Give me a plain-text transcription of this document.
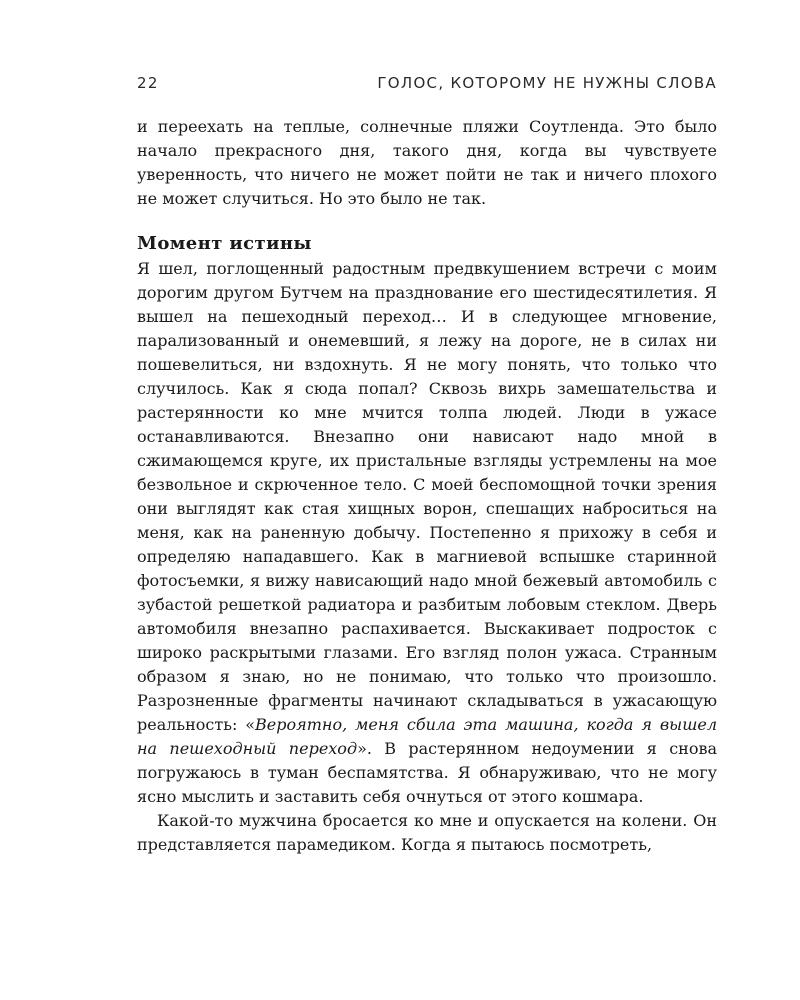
22	ГОЛОС, КОТОРОМУ НЕ НУЖНЫ СЛОВА

и переехать на теплые, солнечные пляжи Соутленда. Это было начало прекрасного дня, такого дня, когда вы чувствуете уверенность, что ничего не может пойти не так и ничего плохого не может случиться. Но это было не так.

Момент истины

Я шел, поглощенный радостным предвкушением встречи с моим дорогим другом Бутчем на празднование его шестидесятилетия. Я вышел на пешеходный переход… И в следующее мгновение, парализованный и онемевший, я лежу на дороге, не в силах ни пошевелиться, ни вздохнуть. Я не могу понять, что только что случилось. Как я сюда попал? Сквозь вихрь замешательства и растерянности ко мне мчится толпа людей. Люди в ужасе останавливаются. Внезапно они нависают надо мной в сжимающемся круге, их пристальные взгляды устремлены на мое безвольное и скрюченное тело. С моей беспомощной точки зрения они выглядят как стая хищных ворон, спешащих наброситься на меня, как на раненную добычу. Постепенно я прихожу в себя и определяю нападавшего. Как в магниевой вспышке старинной фотосъемки, я вижу нависающий надо мной бежевый автомобиль с зубастой решеткой радиатора и разбитым лобовым стеклом. Дверь автомобиля внезапно распахивается. Выскакивает подросток с широко раскрытыми глазами. Его взгляд полон ужаса. Странным образом я знаю, но не понимаю, что только что произошло. Разрозненные фрагменты начинают складываться в ужасающую реальность: «Вероятно, меня сбила эта машина, когда я вышел на пешеходный переход». В растерянном недоумении я снова погружаюсь в туман беспамятства. Я обнаруживаю, что не могу ясно мыслить и заставить себя очнуться от этого кошмара.

Какой-то мужчина бросается ко мне и опускается на колени. Он представляется парамедиком. Когда я пытаюсь посмотреть,
